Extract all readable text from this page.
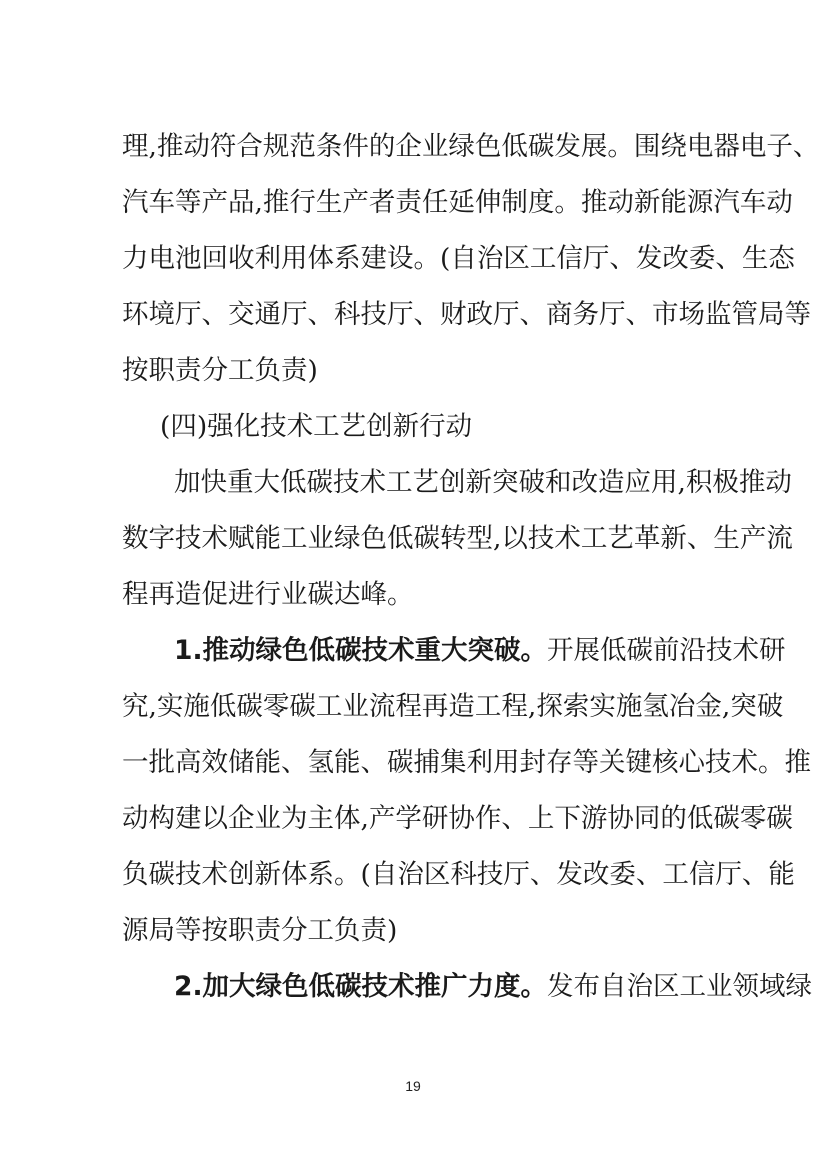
理,推动符合规范条件的企业绿色低碳发展。围绕电器电子、
汽车等产品,推行生产者责任延伸制度。推动新能源汽车动
力电池回收利用体系建设。(自治区工信厅、发改委、生态
环境厅、交通厅、科技厅、财政厅、商务厅、市场监管局等
按职责分工负责)
(四)强化技术工艺创新行动
加快重大低碳技术工艺创新突破和改造应用,积极推动
数字技术赋能工业绿色低碳转型,以技术工艺革新、生产流
程再造促进行业碳达峰。
1.推动绿色低碳技术重大突破。 开展低碳前沿技术研
究,实施低碳零碳工业流程再造工程,探索实施氢冶金,突破
一批高效储能、氢能、碳捕集利用封存等关键核心技术。推
动构建以企业为主体,产学研协作、上下游协同的低碳零碳
负碳技术创新体系。(自治区科技厅、发改委、工信厅、能
源局等按职责分工负责)
2.加大绿色低碳技术推广力度。 发布自治区工业领域绿
19
